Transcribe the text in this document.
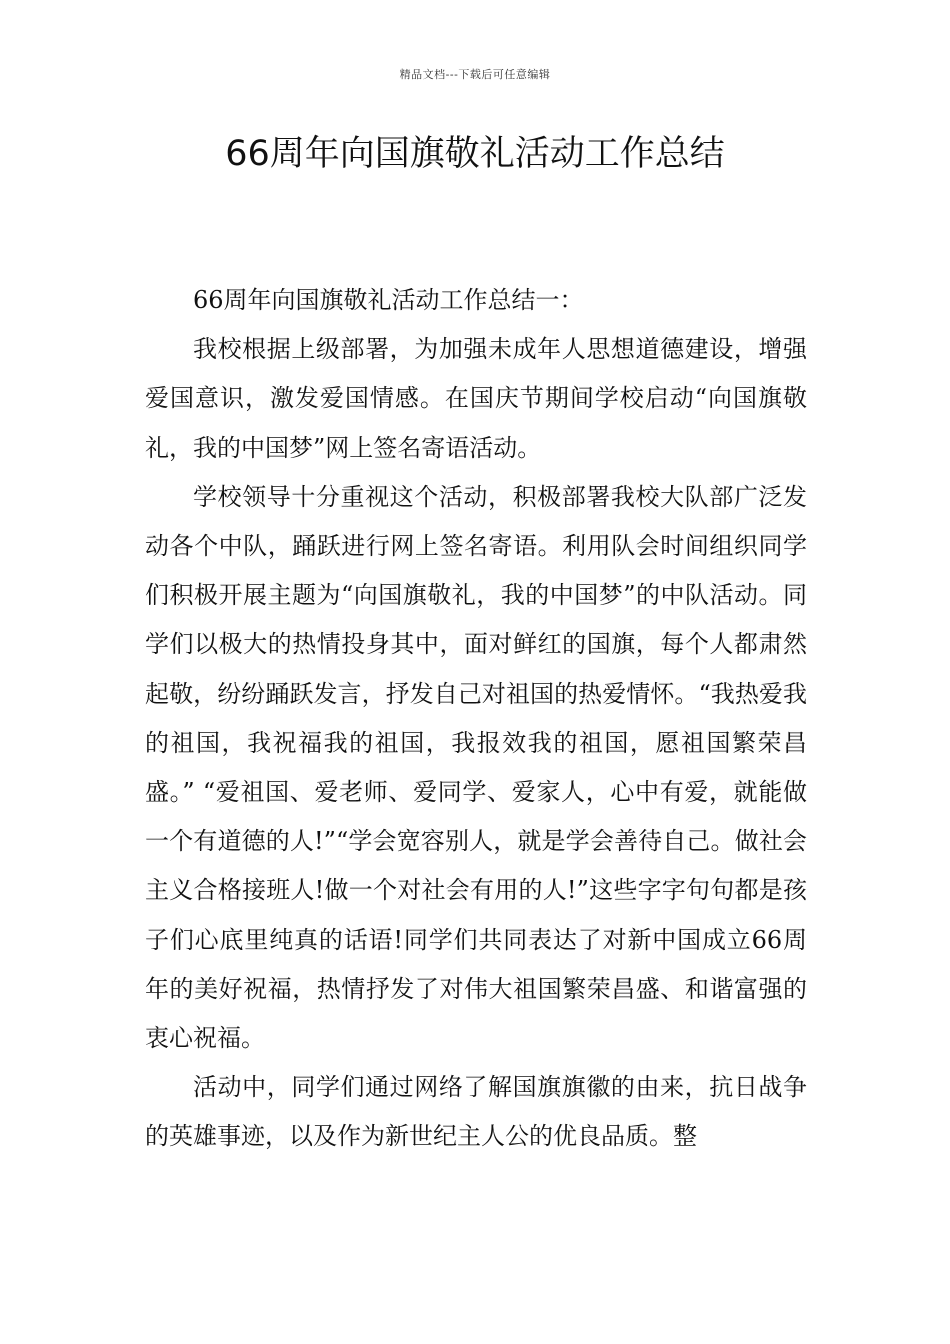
精品文档---下载后可任意编辑
66周年向国旗敬礼活动工作总结

66周年向国旗敬礼活动工作总结一：

我校根据上级部署，为加强未成年人思想道德建设，增强爱国意识，激发爱国情感。在国庆节期间学校启动“向国旗敬礼，我的中国梦”网上签名寄语活动。

学校领导十分重视这个活动，积极部署我校大队部广泛发动各个中队，踊跃进行网上签名寄语。利用队会时间组织同学们积极开展主题为“向国旗敬礼，我的中国梦”的中队活动。同学们以极大的热情投身其中，面对鲜红的国旗，每个人都肃然起敬，纷纷踊跃发言，抒发自己对祖国的热爱情怀。“我热爱我的祖国，我祝福我的祖国，我报效我的祖国，愿祖国繁荣昌盛。” “爱祖国、爱老师、爱同学、爱家人，心中有爱，就能做一个有道德的人!”“学会宽容别人，就是学会善待自己。做社会主义合格接班人!做一个对社会有用的人!”这些字字句句都是孩子们心底里纯真的话语!同学们共同表达了对新中国成立66周年的美好祝福，热情抒发了对伟大祖国繁荣昌盛、和谐富强的衷心祝福。

活动中，同学们通过网络了解国旗旗徽的由来，抗日战争的英雄事迹，以及作为新世纪主人公的优良品质。整
